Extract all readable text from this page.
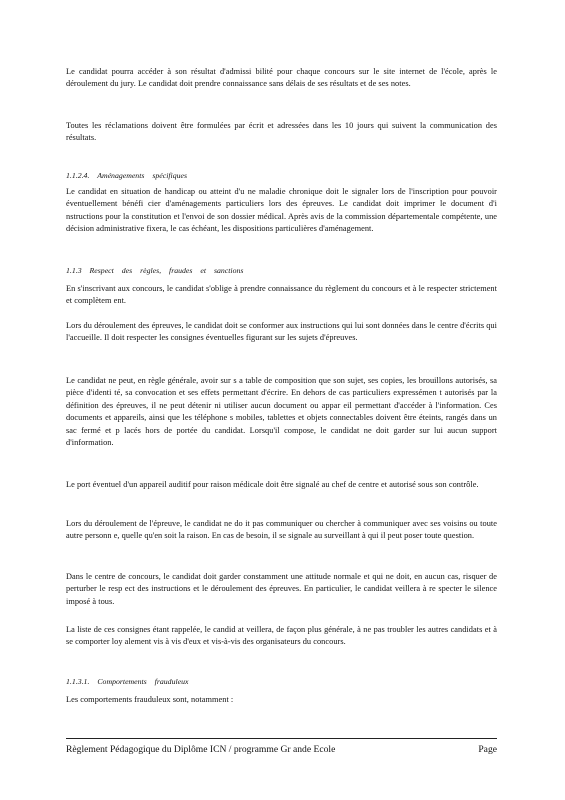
Le candidat pourra accéder à son résultat d'admissi bilité pour chaque concours sur le site internet de l'école, après le déroulement du jury. Le candidat doit prendre connaissance sans délais de ses résultats et de ses notes.

Toutes les réclamations doivent être formulées par écrit et adressées dans les 10 jours qui suivent la communication des résultats.

1.1.2.4. Aménagements spécifiques

Le candidat en situation de handicap ou atteint d'u ne maladie chronique doit le signaler lors de l'inscription pour pouvoir éventuellement bénéfi cier d'aménagements particuliers lors des épreuves. Le candidat doit imprimer le document d'i nstructions pour la constitution et l'envoi de son dossier médical. Après avis de la commission départementale compétente, une décision administrative fixera, le cas échéant, les dispositions particulières d'aménagement.

1.1.3 Respect des règles, fraudes et sanctions

En s'inscrivant aux concours, le candidat s'oblige à prendre connaissance du règlement du concours et à le respecter strictement et complètem ent.

Lors du déroulement des épreuves, le candidat doit se conformer aux instructions qui lui sont données dans le centre d'écrits qui l'accueille. Il doit respecter les consignes éventuelles figurant sur les sujets d'épreuves.

Le candidat ne peut, en règle générale, avoir sur s a table de composition que son sujet, ses copies, les brouillons autorisés, sa pièce d'identi té, sa convocation et ses effets permettant d'écrire. En dehors de cas particuliers expressémen t autorisés par la définition des épreuves, il ne peut détenir ni utiliser aucun document ou appar eil permettant d'accéder à l'information. Ces documents et appareils, ainsi que les téléphone s mobiles, tablettes et objets connectables doivent être éteints, rangés dans un sac fermé et p lacés hors de portée du candidat. Lorsqu'il compose, le candidat ne doit garder sur lui aucun support d'information.

Le port éventuel d'un appareil auditif pour raison médicale doit être signalé au chef de centre et autorisé sous son contrôle.

Lors du déroulement de l'épreuve, le candidat ne do it pas communiquer ou chercher à communiquer avec ses voisins ou toute autre personn e, quelle qu'en soit la raison. En cas de besoin, il se signale au surveillant à qui il peut poser toute question.

Dans le centre de concours, le candidat doit garder constamment une attitude normale et qui ne doit, en aucun cas, risquer de perturber le resp ect des instructions et le déroulement des épreuves. En particulier, le candidat veillera à re specter le silence imposé à tous.

La liste de ces consignes étant rappelée, le candid at veillera, de façon plus générale, à ne pas troubler les autres candidats et à se comporter loy alement vis à vis d'eux et vis-à-vis des organisateurs du concours.

1.1.3.1. Comportements frauduleux

Les comportements frauduleux sont, notamment :

Règlement Pédagogique du Diplôme ICN / programme Gr ande Ecole	Page
